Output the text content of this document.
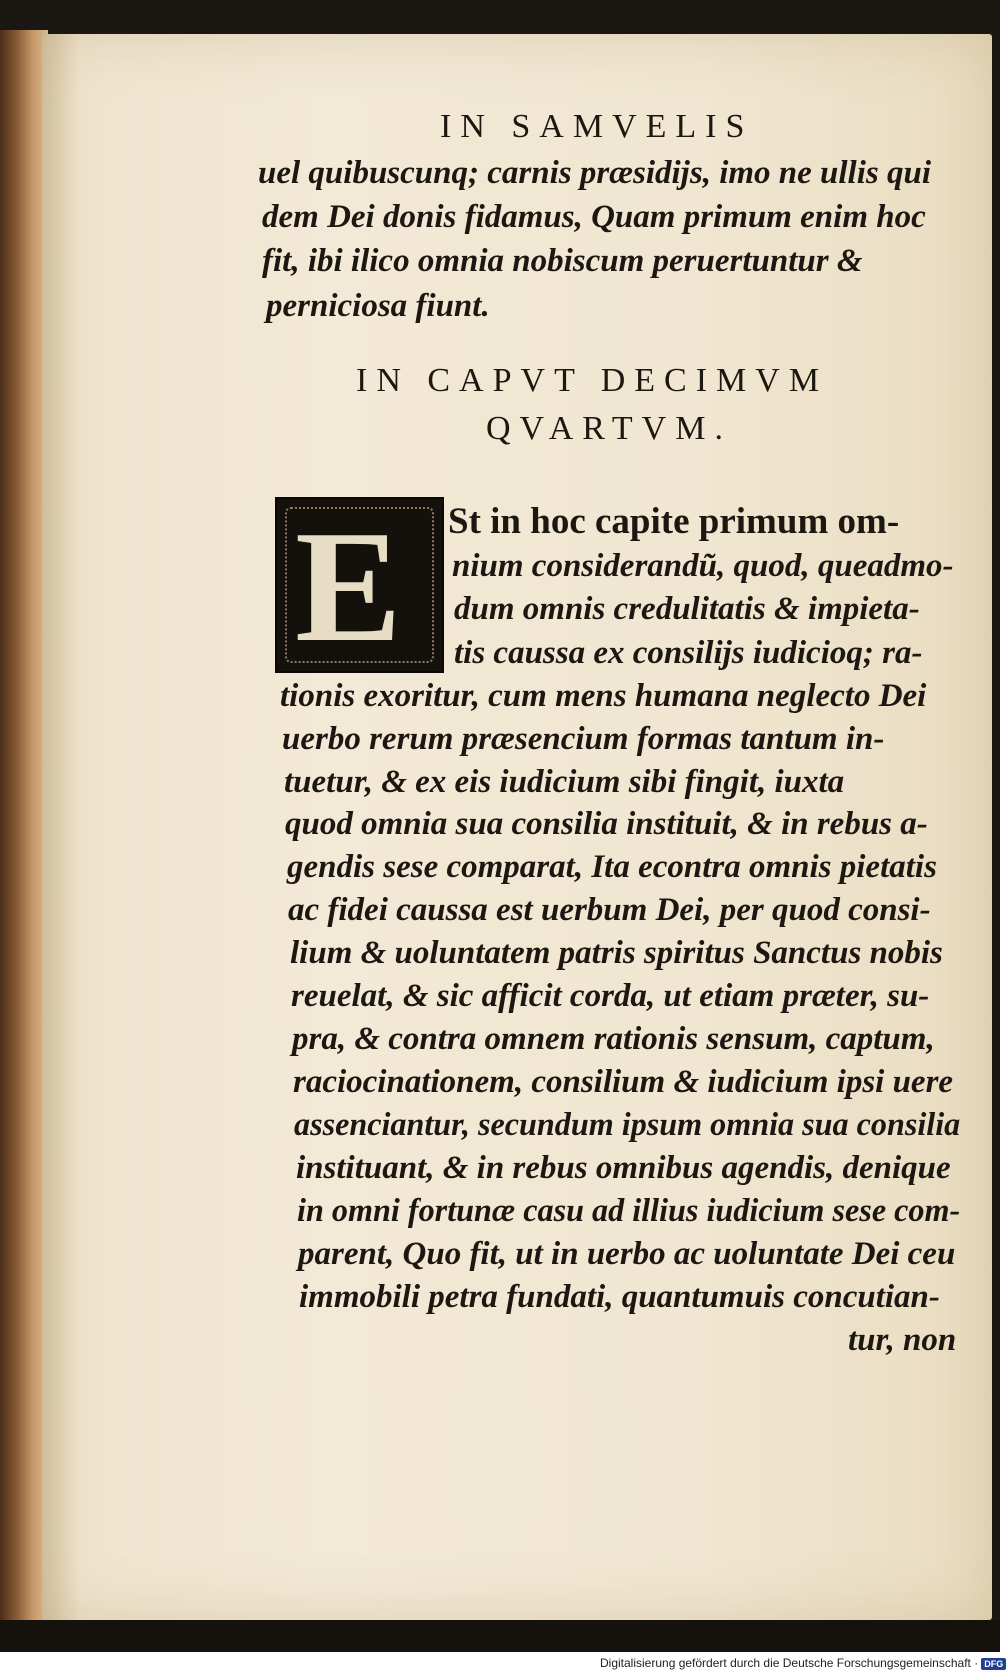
IN SAMVELIS
uel quibuscunq; carnis præsidijs, imo ne ullis qui
dem Dei donis fidamus, Quam primum enim hoc
fit, ibi ilico omnia nobiscum peruertuntur &
perniciosa fiunt.
IN CAPVT DECIMVM
QVARTVM.
E St in hoc capite primum om-
nium considerandũ, quod, queadmo-
dum omnis credulitatis & impieta-
tis caussa ex consilijs iudicioq; ra-
tionis exoritur, cum mens humana neglecto Dei
uerbo rerum præsencium formas tantum in-
tuetur, & ex eis iudicium sibi fingit, iuxta
quod omnia sua consilia instituit, & in rebus a-
gendis sese comparat, Ita econtra omnis pietatis
ac fidei caussa est uerbum Dei, per quod consi-
lium & uoluntatem patris spiritus Sanctus nobis
reuelat, & sic afficit corda, ut etiam præter, su-
pra, & contra omnem rationis sensum, captum,
raciocinationem, consilium & iudicium ipsi uere
assenciantur, secundum ipsum omnia sua consilia
instituant, & in rebus omnibus agendis, denique
in omni fortunæ casu ad illius iudicium sese com-
parent, Quo fit, ut in uerbo ac uoluntate Dei ceu
immobili petra fundati, quantumuis concutian-
tur, non
Digitalisierung gefördert durch die Deutsche Forschungsgemeinschaft · DFG
